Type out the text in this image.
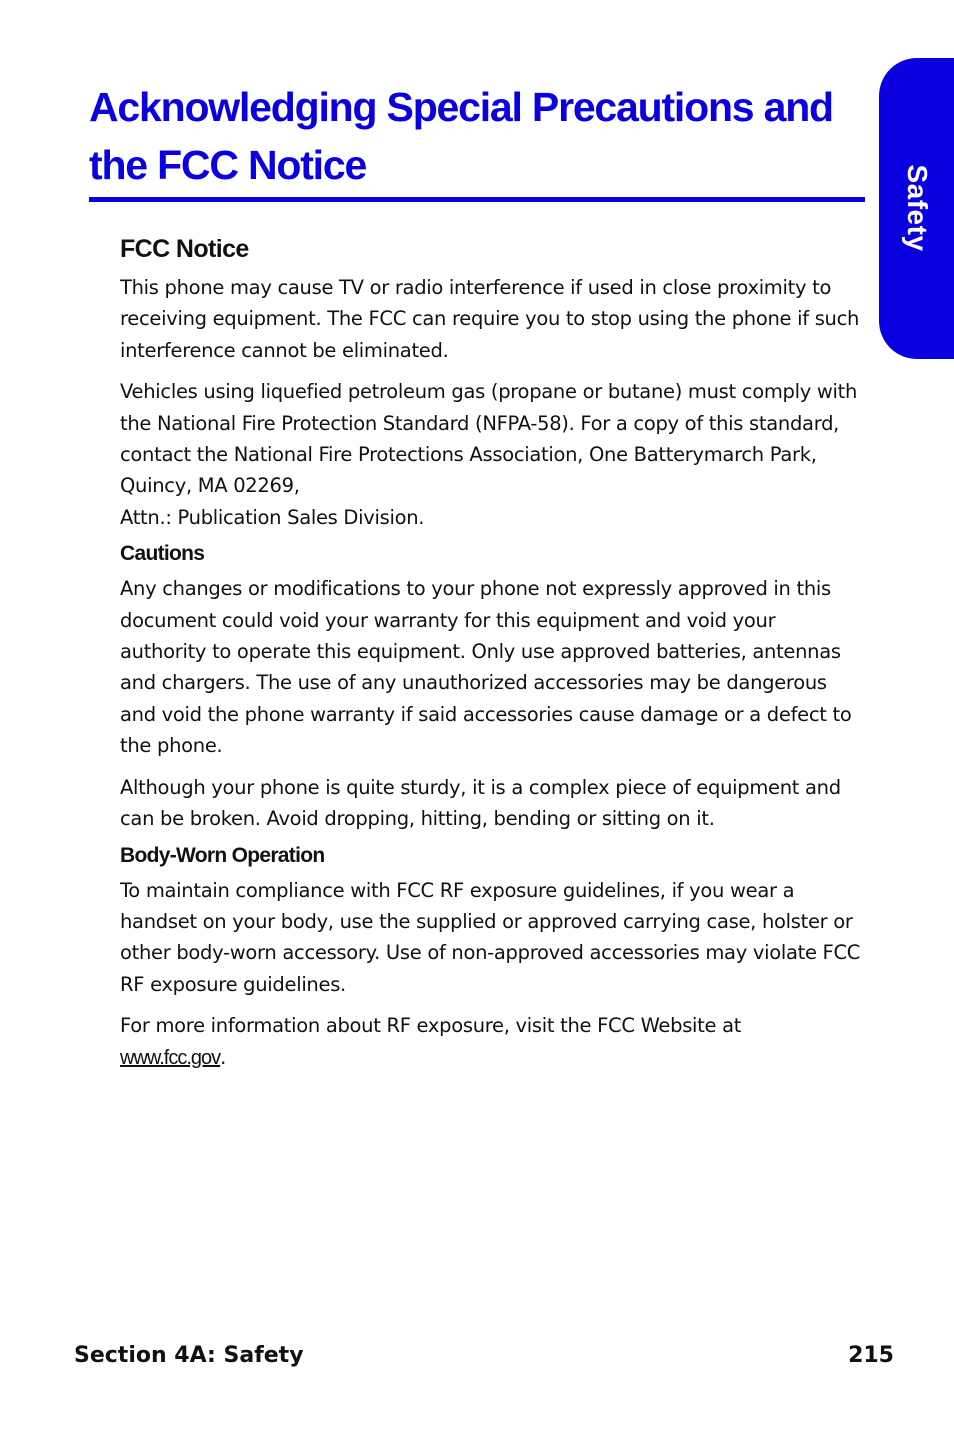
Acknowledging Special Precautions and the FCC Notice	Safety
FCC Notice

This phone may cause TV or radio interference if used in close proximity to receiving equipment. The FCC can require you to stop using the phone if such interference cannot be eliminated.

Vehicles using liquefied petroleum gas (propane or butane) must comply with the National Fire Protection Standard (NFPA-58). For a copy of this standard, contact the National Fire Protections Association, One Batterymarch Park, Quincy, MA 02269,
Attn.: Publication Sales Division.

Cautions

Any changes or modifications to your phone not expressly approved in this document could void your warranty for this equipment and void your authority to operate this equipment. Only use approved batteries, antennas and chargers. The use of any unauthorized accessories may be dangerous and void the phone warranty if said accessories cause damage or a defect to the phone.

Although your phone is quite sturdy, it is a complex piece of equipment and can be broken. Avoid dropping, hitting, bending or sitting on it.

Body-Worn Operation

To maintain compliance with FCC RF exposure guidelines, if you wear a handset on your body, use the supplied or approved carrying case, holster or other body-worn accessory. Use of non-approved accessories may violate FCC RF exposure guidelines.

For more information about RF exposure, visit the FCC Website at
www.fcc.gov.

Section 4A: Safety	215
